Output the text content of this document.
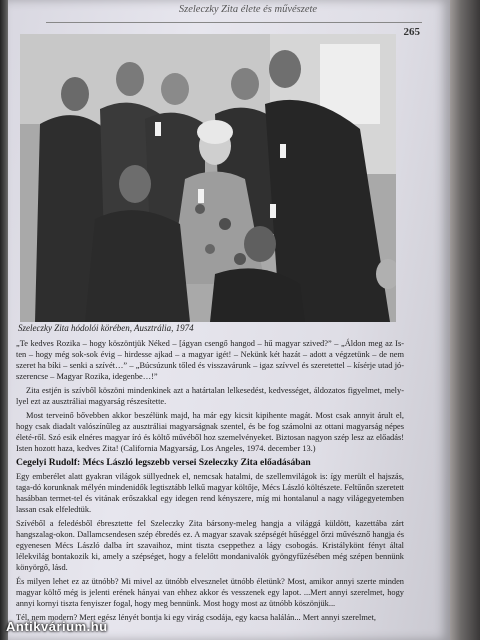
Szeleczky Zita élete és művészete
265
Szeleczky Zita hódolói körében, Ausztrália, 1974

„Te kedves Rozika – hogy köszöntjük Néked – [ágyan csengő hangod – hű magyar szived?” – „Áldon meg az Is-ten – hogy még sok-sok évig – hirdesse ajkad – a magyar igét! – Nekünk két hazát – adott a végzetünk – de nem szeret ha bíki – senki a szívét…” – „Búcsúzunk tőled és visszavárunk – igaz szívvel és szeretettel – kísérje utad jó-szerencse – Magyar Rozika, idegenbe…!”

Zita estjén is szívből köszöni mindenkinek azt a határtalan lelkesedést, kedvességet, áldozatos figyelmet, mely-lyel ezt az ausztráliai magyarság részesítette.

Most terveinő bővebben akkor beszélünk majd, ha már egy kicsit kipihente magát. Most csak annyit árult el, hogy csak diadalt valószínűleg az ausztráliai magyarságnak szentel, és be fog számolni az ottani magyarság népes életé-ről. Szó esik elnéres magyar író és költő művéből hoz szemelvényeket. Biztosan nagyon szép lesz az előadás! Isten hozott haza, kedves Zita! (California Magyarság, Los Angeles, 1974. december 13.)

Cegelyi Rudolf: Mécs László legszebb versei Szeleczky Zita előadásában

Egy emberélet alatt gyakran világok süllyednek el, nemcsak hatalmi, de szellemvilágok is: így merült el hajszás, taga-dó korunknak mélyén mindenidők legtisztább lelkű magyar költője, Mécs László költészete. Feltűnőn szeretett hasábban termet-tel és vitának erőszakkal egy idegen rend kényszere, míg mi hontalanul a nagy világegyetemben lassan csak elfeledtük.

Szívéből a feledésből ébresztette fel Szeleczky Zita bársony-meleg hangja a világgá küldött, kazettába zárt hangszalag-okon. Dallamcsendesen szép ébredés ez. A magyar szavak szépségét hűséggel őrzi művésznő hangja és egyenesen Mécs László dalba írt szavaihoz, mint tiszta cseppethez a lágy csobogás. Kristálykönt fényt által lélekvilág bontakozik ki, amely a szépséget, hogy a felelőtt mondanivalók gyöngyfűzésében még szépen bennünk könyörgő, lásd.

És milyen lehet ez az ütnóbb? Mi mivel az ütnóbb elvesznelet ütnóbb életünk? Most, amikor annyi szerte minden magyar költő még is jelenti erének hányai van ehhez akkor és vesszenek egy lapot. ...Mert annyi szerelmet, hogy annyi kornyi tiszta fenyiszer fogal, hogy meg bennünk. Most hogy most az ütnóbb köszönjük...

Tél, nem modern? Mert egész lényét bontja ki egy virág csodája, egy kacsa halálán... Mert annyi szerelmet,

Antikvárium.hu
